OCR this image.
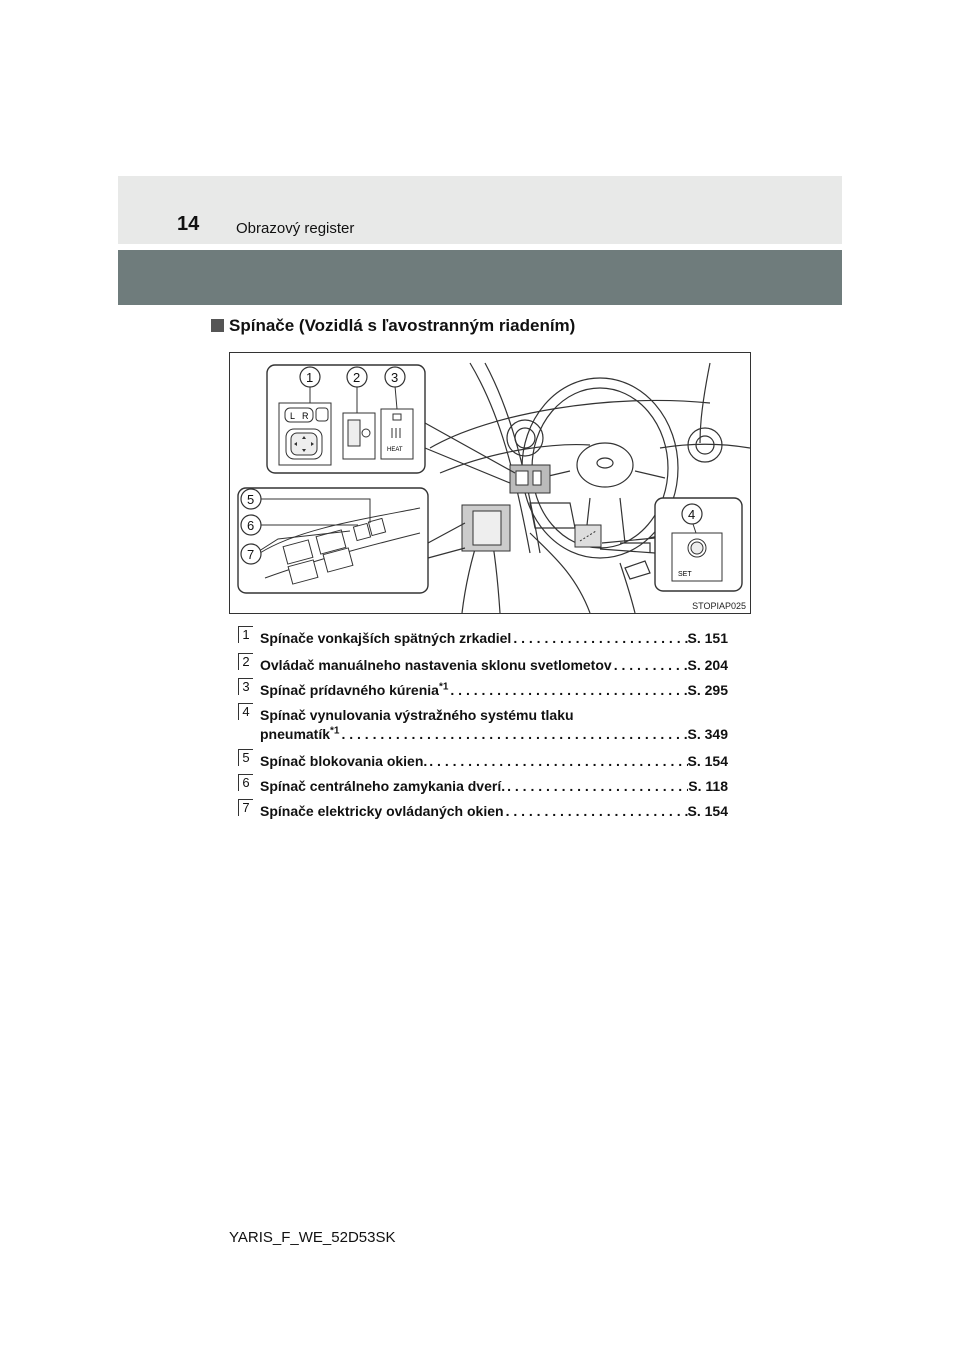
14 Obrazový register
Spínače (Vozidlá s ľavostranným riadením)
L R
HEAT
SET
1	2 3
4
5
6
7
STOPIAP025
1 Spínače vonkajších spätných zrkadiel . . .	S. 151
2 Ovládač manuálneho nastavenia sklonu svetlometov . . .	S. 204
3 Spínač prídavného kúrenia$^{*1}$ . . .	S. 295
4 Spínač vynulovania výstražného systému tlaku
pneumatík$^{*1}$ . . .	S. 349
5 Spínač blokovania okien. . . .	S. 154
6 Spínač centrálneho zamykania dverí. . . .	S. 118
7 Spínače elektricky ovládaných okien . . .	S. 154
YARIS_F_WE_52D53SK
